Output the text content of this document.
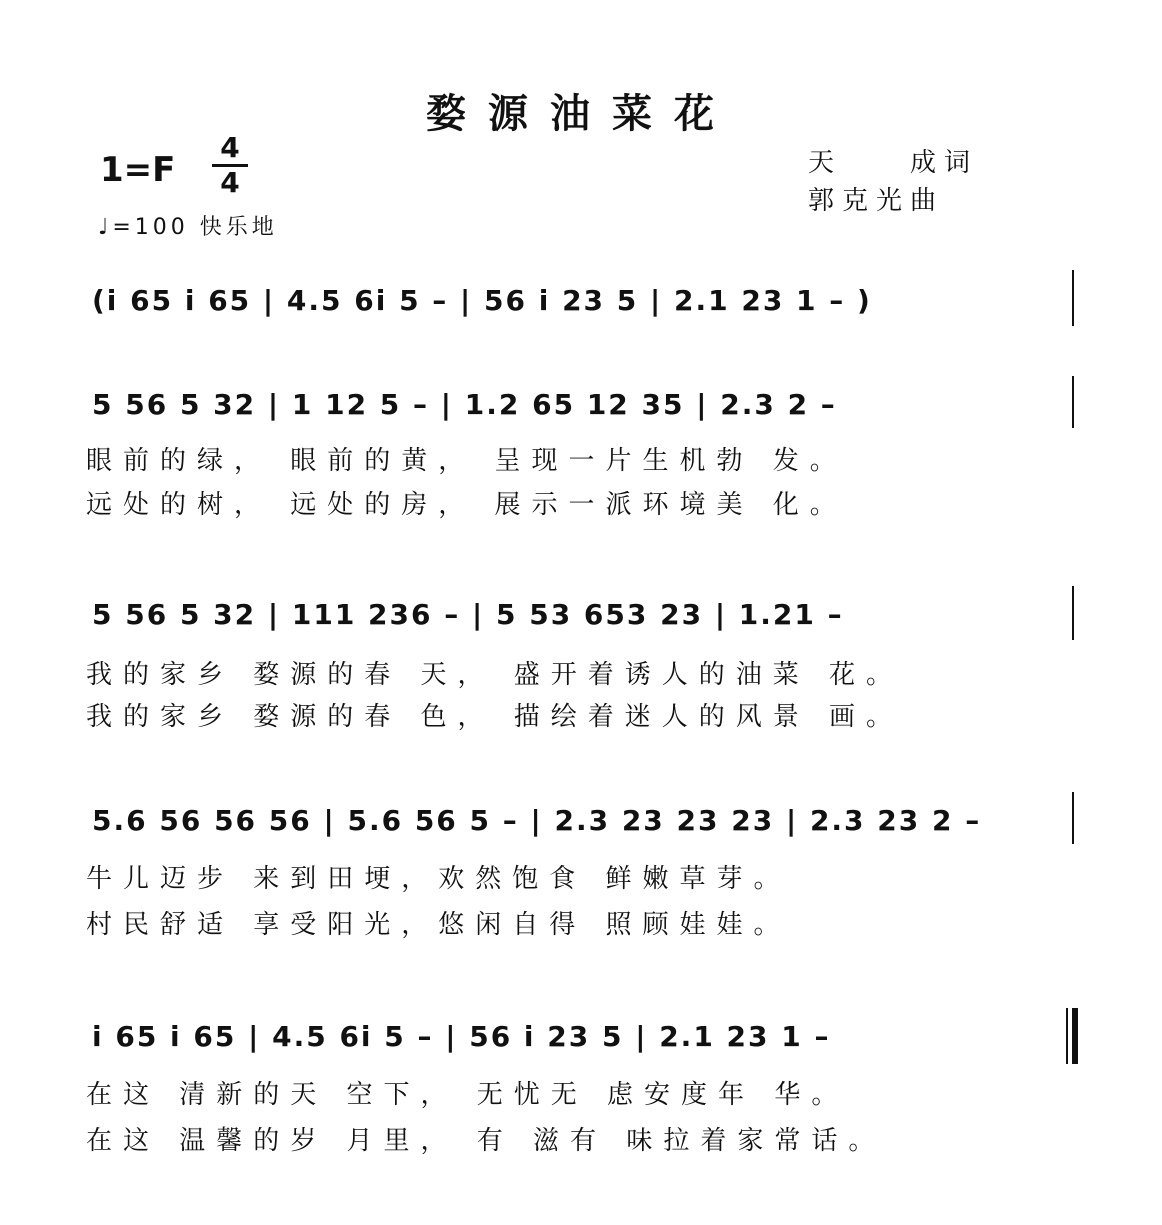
婺源油菜花
1=F
4
4
♩=100 快乐地
天　　成词
郭克光曲
(i 65 i 65 | 4.5 6i 5 – | 56 i 23 5 | 2.1 23 1 – )
5 56 5 32 | 1 12 5 – | 1.2 65 12 35 | 2.3 2 –
眼前的绿， 眼前的黄， 呈现一片生机勃 发。
远处的树， 远处的房， 展示一派环境美 化。
5 56 5 32 | 111 236 – | 5 53 653 23 | 1.21 –
我的家乡 婺源的春 天， 盛开着诱人的油菜 花。
我的家乡 婺源的春 色， 描绘着迷人的风景 画。
5.6 56 56 56 | 5.6 56 5 – | 2.3 23 23 23 | 2.3 23 2 –
牛儿迈步 来到田埂，欢然饱食 鲜嫩草芽。
村民舒适 享受阳光，悠闲自得 照顾娃娃。
i 65 i 65 | 4.5 6i 5 – | 56 i 23 5 | 2.1 23 1 –
在这 清新的天 空下， 无忧无 虑安度年 华。
在这 温馨的岁 月里， 有 滋有 味拉着家常话。
